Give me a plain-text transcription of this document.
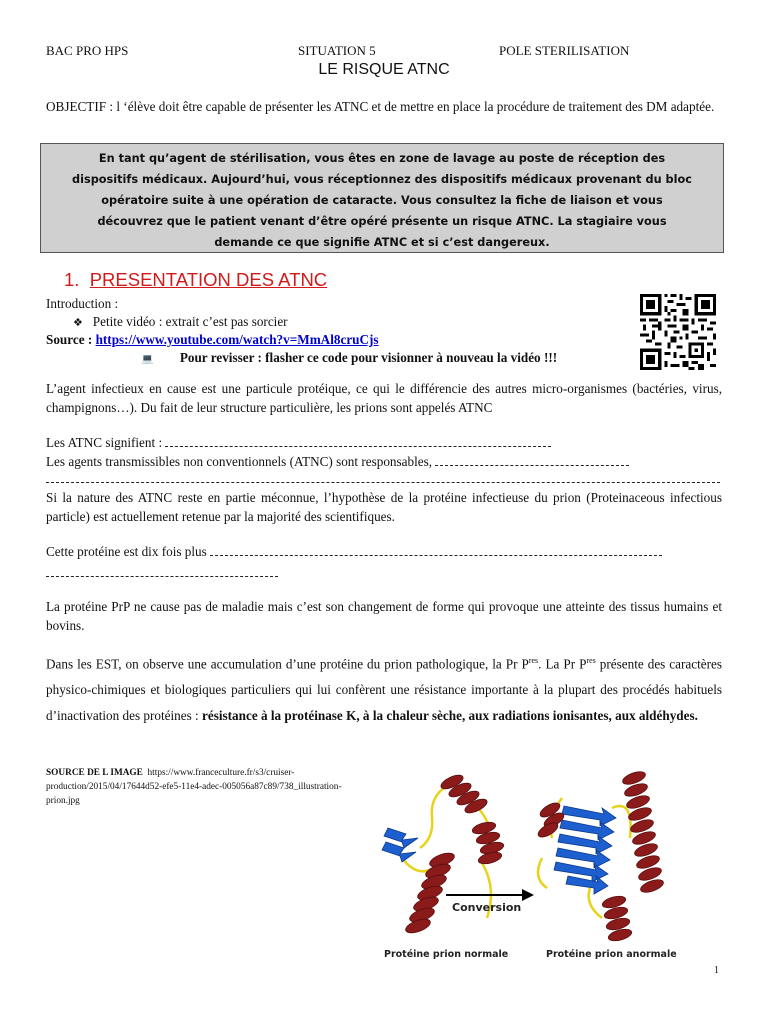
BAC PRO HPS	SITUATION 5	POLE STERILISATION
LE RISQUE ATNC
OBJECTIF : l ‘élève doit être capable de présenter les ATNC et de mettre en place la procédure de traitement des DM adaptée.
En tant qu’agent de stérilisation, vous êtes en zone de lavage au poste de réception des
dispositifs médicaux. Aujourd’hui, vous réceptionnez des dispositifs médicaux provenant du bloc
opératoire suite à une opération de cataracte. Vous consultez la fiche de liaison et vous
découvrez que le patient venant d’être opéré présente un risque ATNC. La stagiaire vous
demande ce que signifie ATNC et si c’est dangereux.
1. PRESENTATION DES ATNC
Introduction :
❖ Petite vidéo : extrait c’est pas sorcier
Source : https://www.youtube.com/watch?v=MmAl8cruCjs
💻 Pour revisser : flasher ce code pour visionner à nouveau la vidéo !!!
L’agent infectieux en cause est une particule protéique, ce qui le différencie des autres micro-organismes (bactéries, virus, champignons…). Du fait de leur structure particulière, les prions sont appelés ATNC
Les ATNC signifient :
Les agents transmissibles non conventionnels (ATNC) sont responsables,
Si la nature des ATNC reste en partie méconnue, l’hypothèse de la protéine infectieuse du prion (Proteinaceous infectious particle) est actuellement retenue par la majorité des scientifiques.
Cette protéine est dix fois plus
La protéine PrP ne cause pas de maladie mais c’est son changement de forme qui provoque une atteinte des tissus humains et bovins.
Dans les EST, on observe une accumulation d’une protéine du prion pathologique, la Pr $P^{res}$. La Pr $P^{res}$ présente des caractères physico-chimiques et biologiques particuliers qui lui confèrent une résistance importante à la plupart des procédés habituels d’inactivation des protéines : résistance à la protéinase K, à la chaleur sèche, aux radiations ionisantes, aux aldéhydes.
SOURCE DE L IMAGE https://www.franceculture.fr/s3/cruiser-production/2015/04/17644d52-efe5-11e4-adec-005056a87c89/738_illustration-prion.jpg
Conversion
Protéine prion normale	Protéine prion anormale
1
